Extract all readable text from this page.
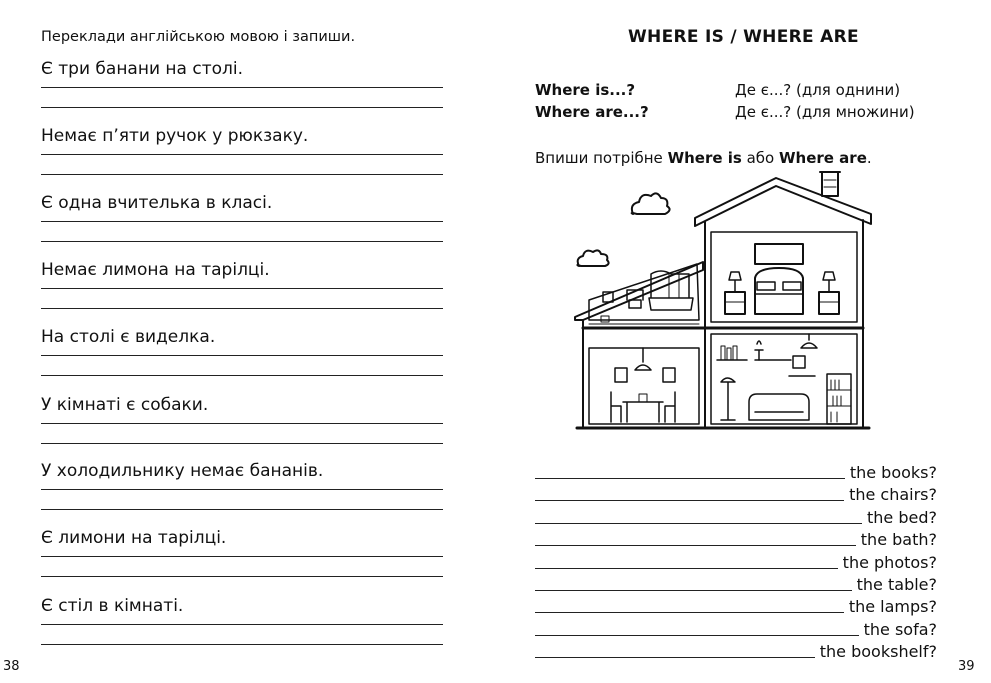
Переклади англійською мовою і запиши.
Є три банани на столі.
Немає п’яти ручок у рюкзаку.
Є одна вчителька в класі.
Немає лимона на тарілці.
На столі є виделка.
У кімнаті є собаки.
У холодильнику немає бананів.
Є лимони на тарілці.
Є стіл в кімнаті.
38
WHERE IS / WHERE ARE
Where is...?	Де є...? (для однини)
Where are...?	Де є...? (для множини)
Впиши потрібне Where is або Where are.
the books?
the chairs?
the bed?
the bath?
the photos?
the table?
the lamps?
the sofa?
the bookshelf?
39
